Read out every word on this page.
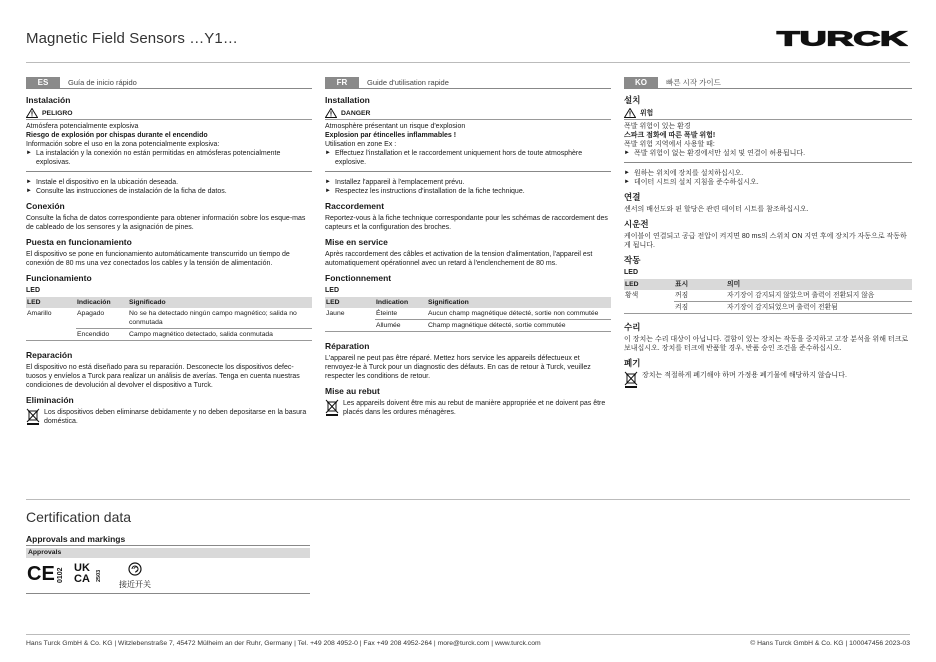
Magnetic Field Sensors …Y1…	TURCK
ES	Guía de inicio rápido
Instalación
PELIGRO

Atmósfera potencialmente explosiva

Riesgo de explosión por chispas durante el encendido

Información sobre el uso en la zona potencialmente explosiva:

► La instalación y la conexión no están permitidas en atmósferas potencialmente explosivas.
► Instale el dispositivo en la ubicación deseada.
► Consulte las instrucciones de instalación de la ficha de datos.
Conexión

Consulte la ficha de datos correspondiente para obtener información sobre los esque-mas de cableado de los sensores y la asignación de pines.

Puesta en funcionamiento

El dispositivo se pone en funcionamiento automáticamente transcurrido un tiempo de conexión de 80 ms una vez conectados los cables y la tensión de alimentación.

Funcionamiento
LED
LED	Indicación	Significado
Amarillo	Apagado	No se ha detectado ningún campo magnético; salida no conmutada
	Encendido	Campo magnético detectado, salida conmutada
Reparación

El dispositivo no está diseñado para su reparación. Desconecte los dispositivos defec-tuosos y envíelos a Turck para realizar un análisis de averías. Tenga en cuenta nuestras condiciones de devolución al devolver el dispositivo a Turck.

Eliminación

Los dispositivos deben eliminarse debidamente y no deben depositarse en la basura doméstica.

FR	Guide d'utilisation rapide
Installation
DANGER

Atmosphère présentant un risque d'explosion

Explosion par étincelles inflammables !

Utilisation en zone Ex :

► Effectuez l'installation et le raccordement uniquement hors de toute atmosphère explosive.
► Installez l'appareil à l'emplacement prévu.
► Respectez les instructions d'installation de la fiche technique.
Raccordement

Reportez-vous à la fiche technique correspondante pour les schémas de raccordement des capteurs et la configuration des broches.

Mise en service

Après raccordement des câbles et activation de la tension d'alimentation, l'appareil est automatiquement opérationnel avec un retard à l'enclenchement de 80 ms.

Fonctionnement
LED
LED	Indication	Signification
Jaune	Éteinte	Aucun champ magnétique détecté, sortie non commutée
	Allumée	Champ magnétique détecté, sortie commutée
Réparation

L'appareil ne peut pas être réparé. Mettez hors service les appareils défectueux et renvoyez-le à Turck pour un diagnostic des défauts. En cas de retour à Turck, veuillez respecter les conditions de retour.

Mise au rebut

Les appareils doivent être mis au rebut de manière appropriée et ne doivent pas être placés dans les ordures ménagères.

KO	빠른 시작 가이드
설치
위험

폭발 위험이 있는 환경

스파크 점화에 따른 폭발 위험!

폭발 위험 지역에서 사용할 때:

► 폭발 위험이 없는 환경에서만 설치 및 연결이 허용됩니다.
► 원하는 위치에 장치를 설치하십시오.
► 데이터 시트의 설치 지침을 준수하십시오.
연결

센서의 배선도와 핀 할당은 관련 데이터 시트를 참조하십시오.

시운전

케이블이 연결되고 공급 전압이 켜지면 80 ms의 스위치 ON 지연 후에 장치가 자동으로 작동하게 됩니다.

작동
LED
LED	표시	의미
황색	꺼짐	자기장이 감지되지 않았으며 출력이 전환되지 않음
	켜짐	자기장이 감지되었으며 출력이 전환됨
수리

이 장치는 수리 대상이 아닙니다. 결함이 있는 장치는 작동을 중지하고 고장 분석을 위해 터크로 보내십시오. 장치를 터크에 반품할 경우, 반품 승인 조건을 준수하십시오.

폐기

장치는 적절하게 폐기해야 하며 가정용 폐기물에 해당하지 않습니다.

Certification data
Approvals and markings
Approvals
CE 0102 UK
CA 2503
接近开关
Hans Turck GmbH & Co. KG | Witzlebenstraße 7, 45472 Mülheim an der Ruhr, Germany | Tel. +49 208 4952-0 | Fax +49 208 4952-264 | more@turck.com | www.turck.com	© Hans Turck GmbH & Co. KG | 100047456 2023-03
